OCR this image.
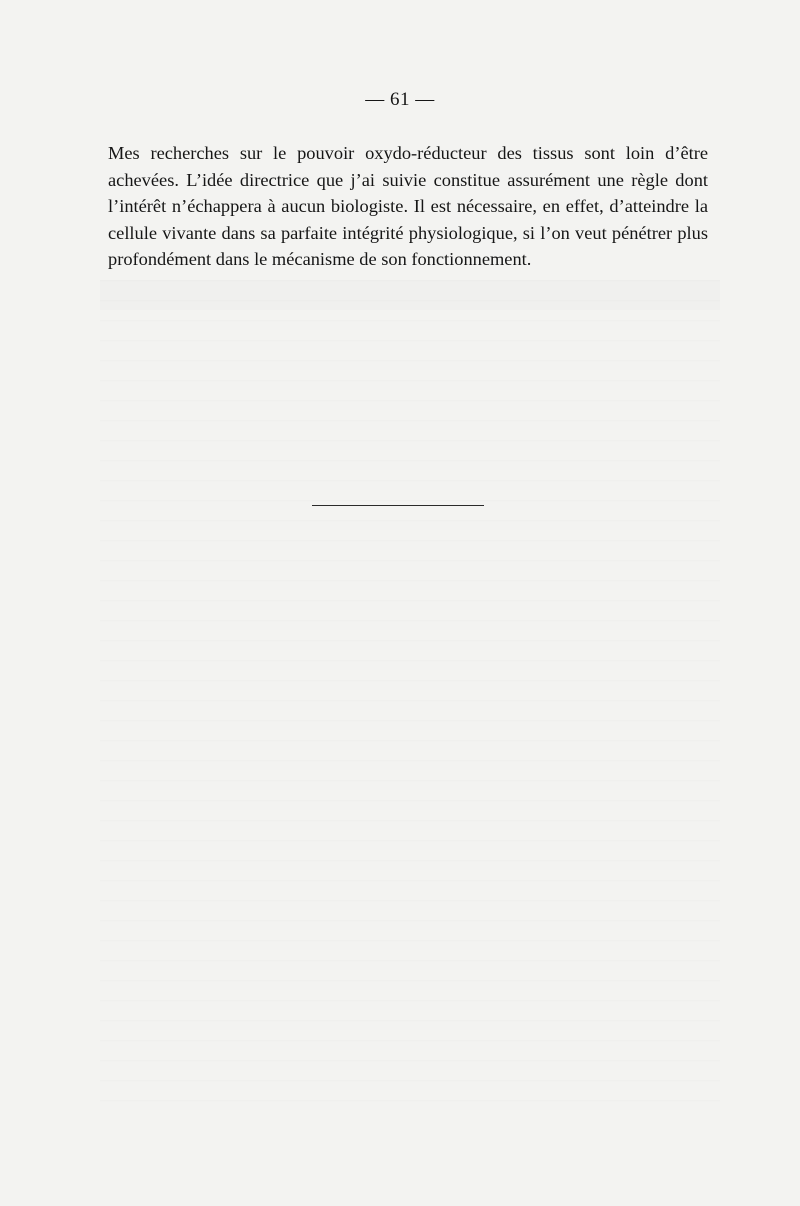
— 61 —

Mes recherches sur le pouvoir oxydo-réducteur des tissus sont loin d’être achevées. L’idée directrice que j’ai suivie constitue assurément une règle dont l’intérêt n’échappera à aucun biologiste. Il est nécessaire, en effet, d’atteindre la cellule vivante dans sa parfaite intégrité physiologique, si l’on veut pénétrer plus profondément dans le mécanisme de son fonctionnement.
